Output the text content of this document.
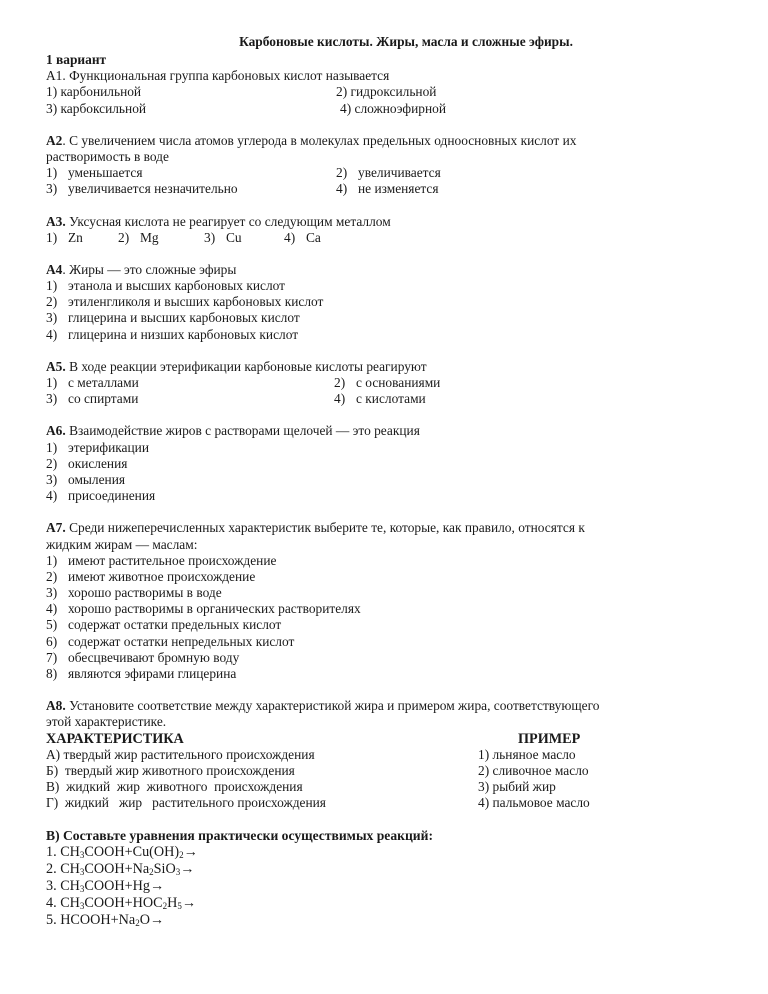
Карбоновые кислоты. Жиры, масла и сложные эфиры.
1 вариант
А1. Функциональная группа карбоновых кислот называется
1) карбонильной	2) гидроксильной
3) карбоксильной	4) сложноэфирной
А2. С увеличением числа атомов углерода в молекулах предельных одноосновных кислот их
растворимость в воде
1) уменьшается	2) увеличивается
3) увеличивается незначительно	4) не изменяется
А3. Уксусная кислота не реагирует со следующим металлом
1) Zn	2) Mg	3) Cu	4) Ca
А4. Жиры — это сложные эфиры
1) этанола и высших карбоновых кислот
2) этиленгликоля и высших карбоновых кислот
3) глицерина и высших карбоновых кислот
4) глицерина и низших карбоновых кислот
А5. В ходе реакции этерификации карбоновые кислоты реагируют
1) с металлами	2) с основаниями
3) со спиртами	4) с кислотами
А6. Взаимодействие жиров с растворами щелочей — это реакция
1) этерификации
2) окисления
3) омыления
4) присоединения
А7. Среди нижеперечисленных характеристик выберите те, которые, как правило, относятся к
жидким жирам — маслам:
1) имеют растительное происхождение
2) имеют животное происхождение
3) хорошо растворимы в воде
4) хорошо растворимы в органических растворителях
5) содержат остатки предельных кислот
6) содержат остатки непредельных кислот
7) обесцвечивают бромную воду
8) являются эфирами глицерина
А8. Установите соответствие между характеристикой жира и примером жира, соответствующего
этой характеристике.
ХАРАКТЕРИСТИКА	ПРИМЕР
А) твердый жир растительного происхождения	1) льняное масло
Б)  твердый жир животного происхождения	2) сливочное масло
В)  жидкий  жир  животного  происхождения	3) рыбий жир
Г)  жидкий   жир   растительного происхождения	4) пальмовое масло
В) Составьте уравнения практически осуществимых реакций:
1. $CH_3COOH+Cu(OH)_2\to$
2. $CH_3COOH+Na_2SiO_3\to$
3. $CH_3COOH+Hg\to$
4. $CH_3COOH+HOC_2H_5\to$
5. $HCOOH+Na_2O\to$
